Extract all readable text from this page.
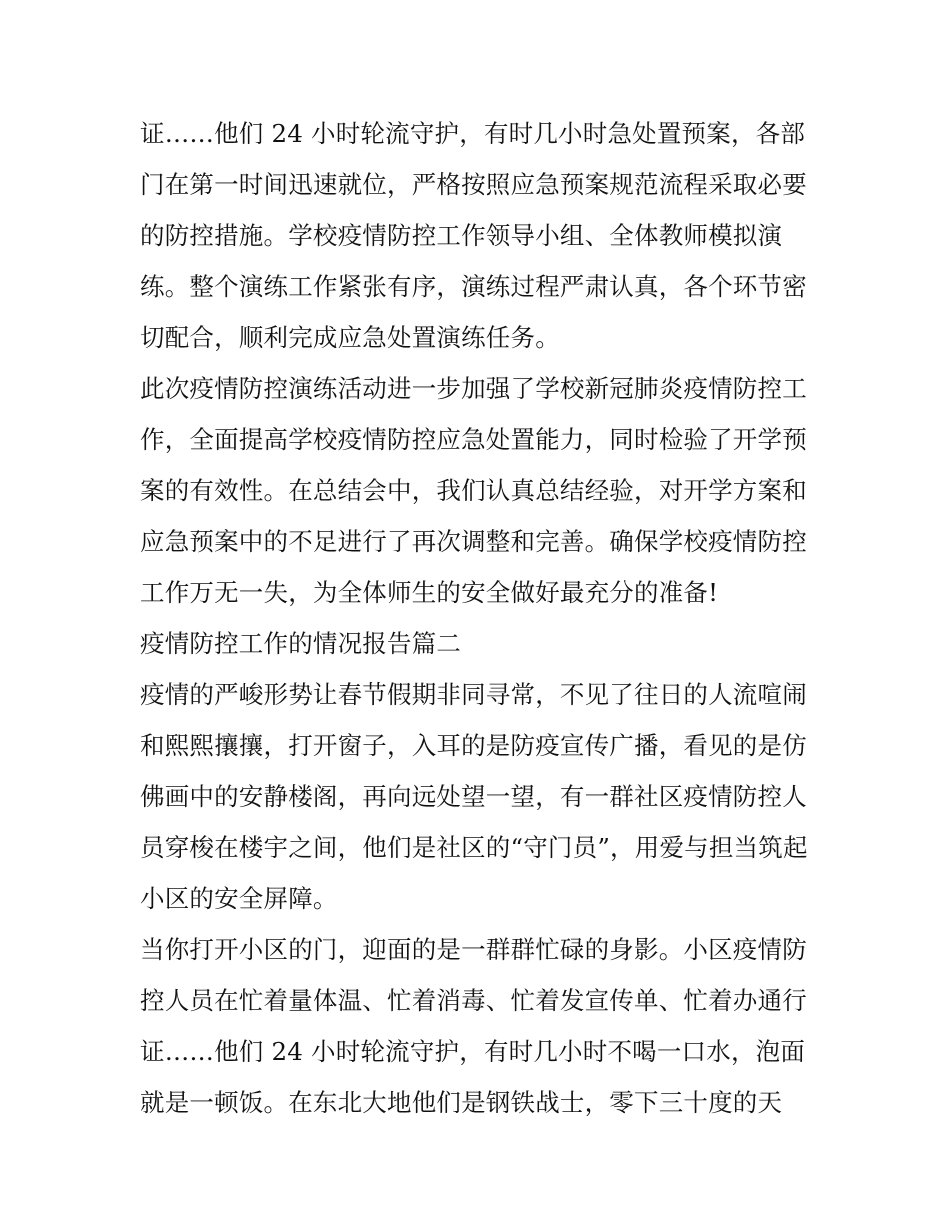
证……他们 24 小时轮流守护，有时几小时急处置预案，各部
门在第一时间迅速就位，严格按照应急预案规范流程采取必要
的防控措施。学校疫情防控工作领导小组、全体教师模拟演
练。整个演练工作紧张有序，演练过程严肃认真，各个环节密
切配合，顺利完成应急处置演练任务。
此次疫情防控演练活动进一步加强了学校新冠肺炎疫情防控工
作，全面提高学校疫情防控应急处置能力，同时检验了开学预
案的有效性。在总结会中，我们认真总结经验，对开学方案和
应急预案中的不足进行了再次调整和完善。确保学校疫情防控
工作万无一失，为全体师生的安全做好最充分的准备!
疫情防控工作的情况报告篇二
疫情的严峻形势让春节假期非同寻常，不见了往日的人流喧闹
和熙熙攘攘，打开窗子，入耳的是防疫宣传广播，看见的是仿
佛画中的安静楼阁，再向远处望一望，有一群社区疫情防控人
员穿梭在楼宇之间，他们是社区的“守门员”，用爱与担当筑起
小区的安全屏障。
当你打开小区的门，迎面的是一群群忙碌的身影。小区疫情防
控人员在忙着量体温、忙着消毒、忙着发宣传单、忙着办通行
证……他们 24 小时轮流守护，有时几小时不喝一口水，泡面
就是一顿饭。在东北大地他们是钢铁战士，零下三十度的天
